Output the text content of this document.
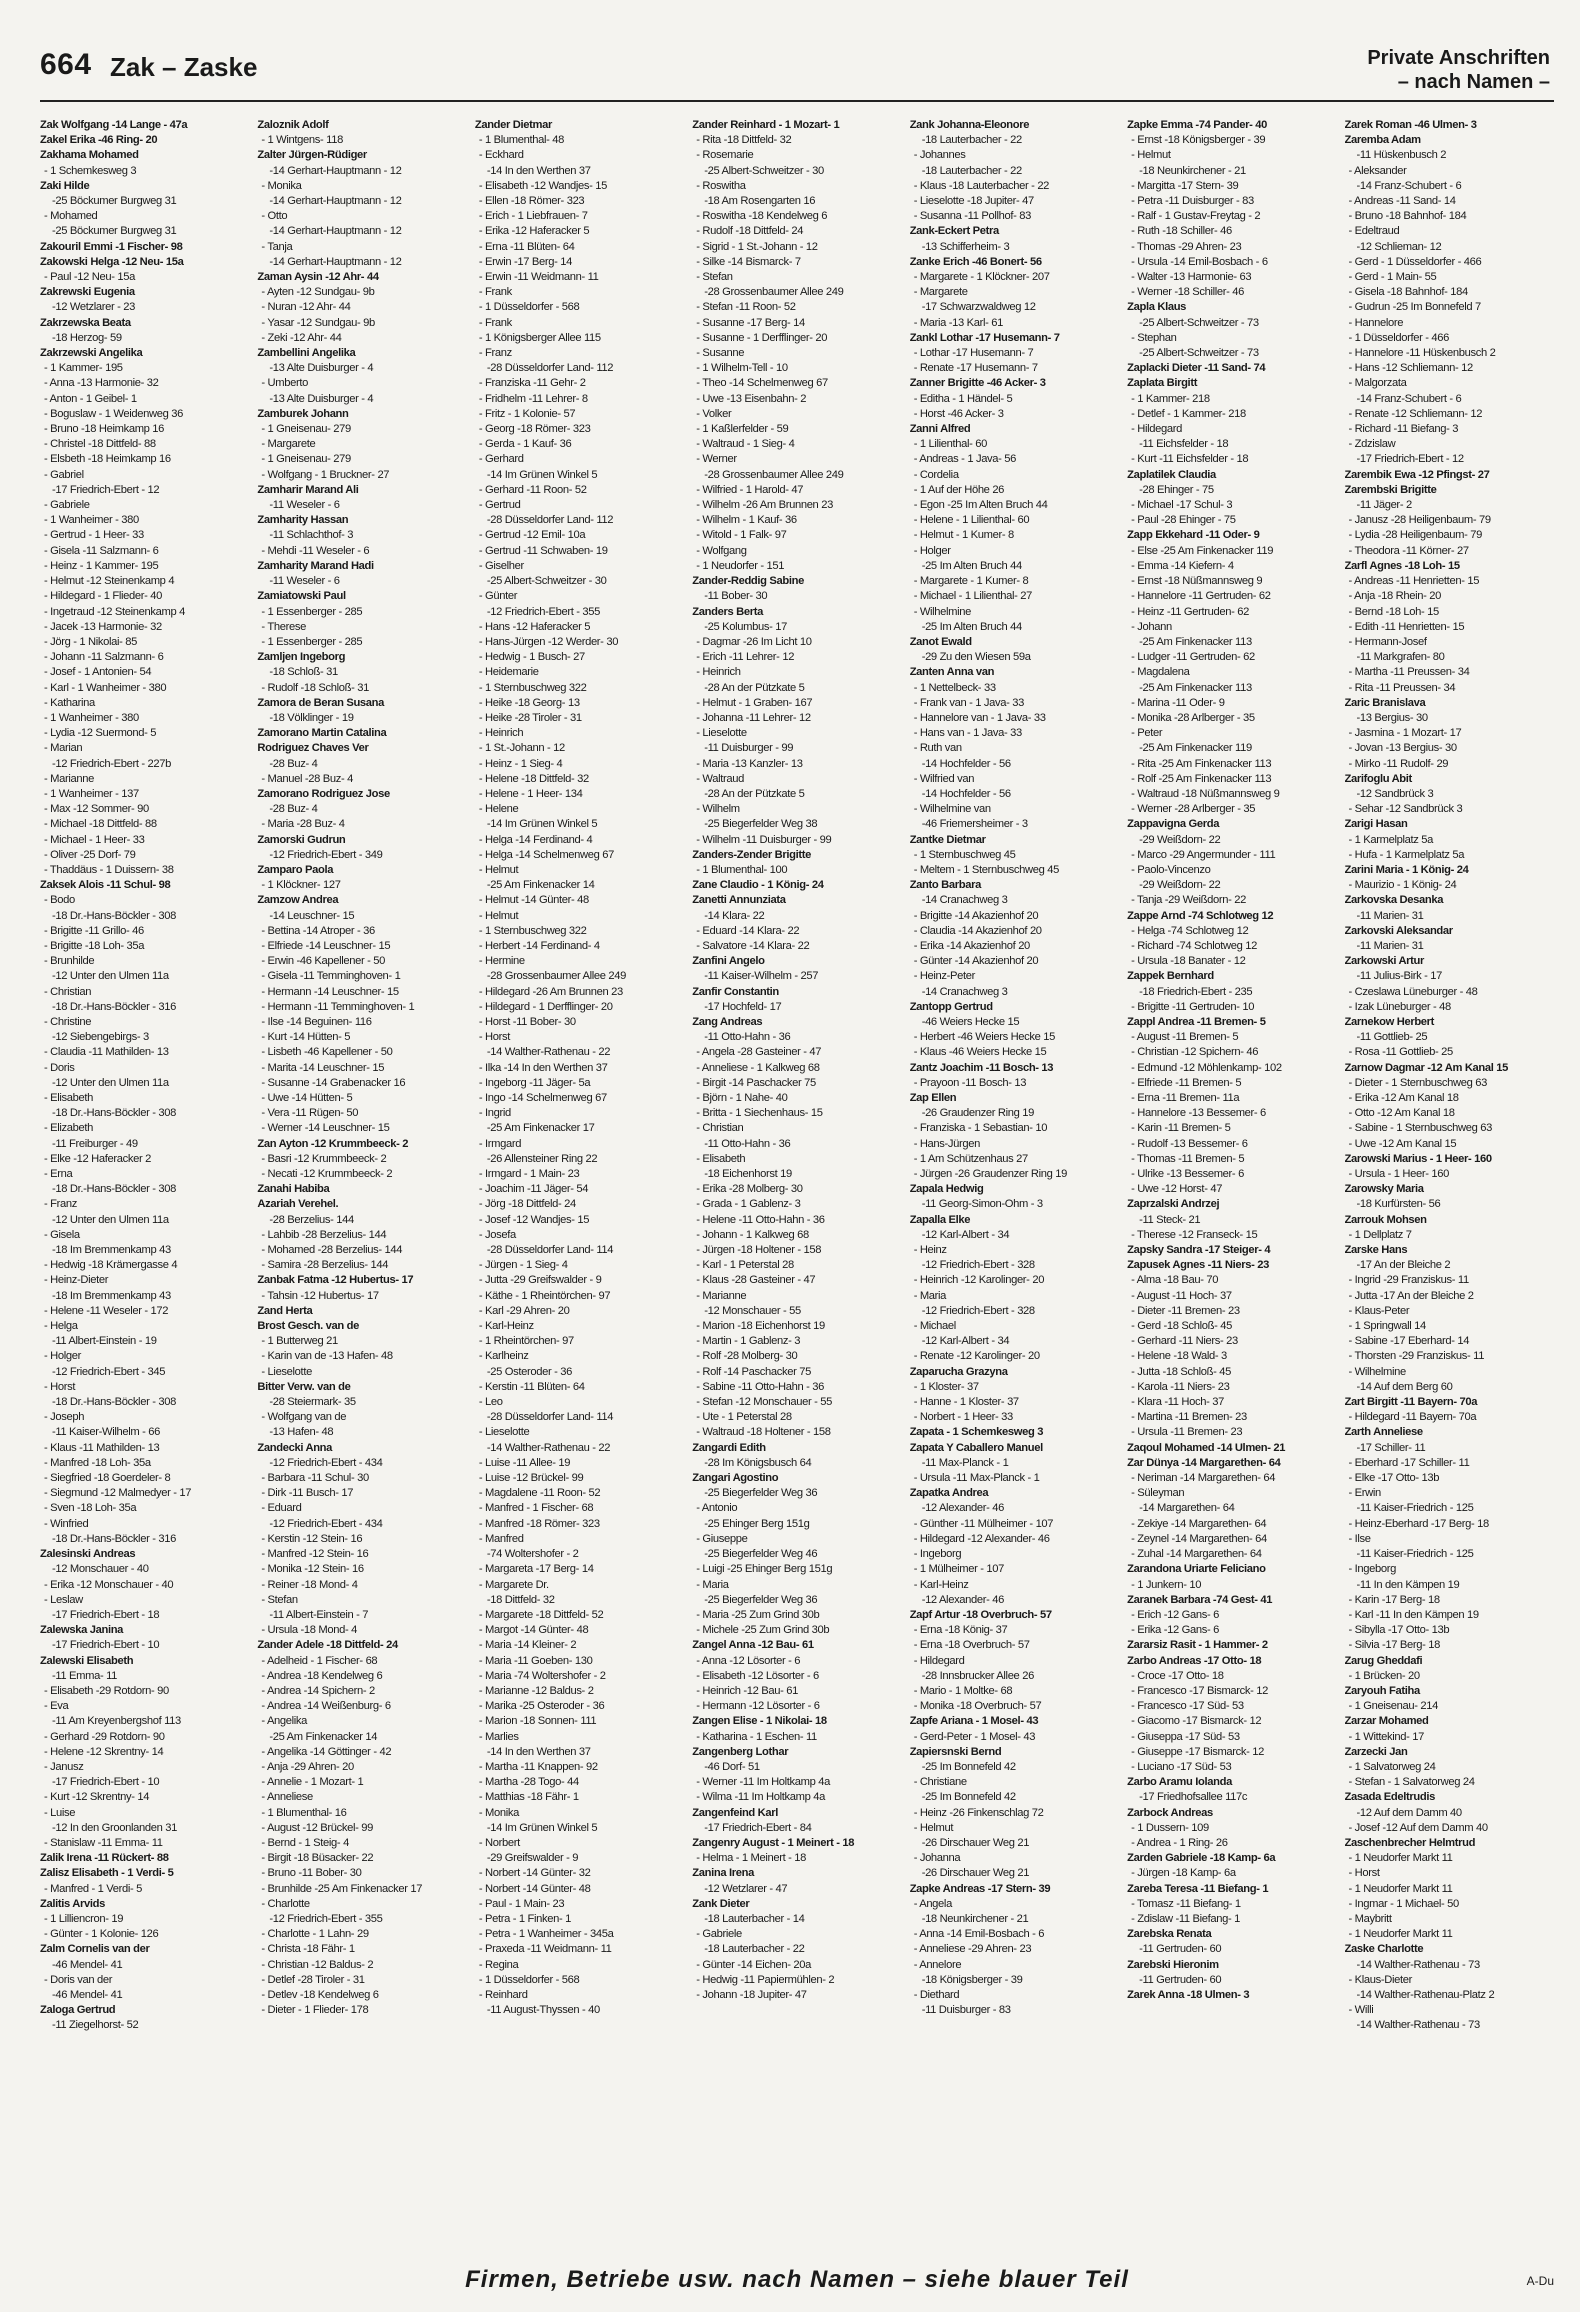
664 Zak – Zaske	Private Anschriften
– nach Namen –
Zak Wolfgang -14 Lange - 47a
Zakel Erika -46 Ring- 20
Zakhama Mohamed
- 1 Schemkesweg 3
Zaki Hilde
-25 Böckumer Burgweg 31
- Mohamed
-25 Böckumer Burgweg 31
Zakouril Emmi -1 Fischer- 98
Zakowski Helga -12 Neu- 15a
- Paul -12 Neu- 15a
Zakrewski Eugenia
-12 Wetzlarer - 23
Zakrzewska Beata
-18 Herzog- 59
Zakrzewski Angelika
- 1 Kammer- 195
- Anna -13 Harmonie- 32
- Anton - 1 Geibel- 1
- Boguslaw - 1 Weidenweg 36
- Bruno -18 Heimkamp 16
- Christel -18 Dittfeld- 88
- Elsbeth -18 Heimkamp 16
- Gabriel
-17 Friedrich-Ebert - 12
- Gabriele
- 1 Wanheimer - 380
- Gertrud - 1 Heer- 33
- Gisela -11 Salzmann- 6
- Heinz - 1 Kammer- 195
- Helmut -12 Steinenkamp 4
- Hildegard - 1 Flieder- 40
- Ingetraud -12 Steinenkamp 4
- Jacek -13 Harmonie- 32
- Jörg - 1 Nikolai- 85
- Johann -11 Salzmann- 6
- Josef - 1 Antonien- 54
- Karl - 1 Wanheimer - 380
- Katharina
- 1 Wanheimer - 380
- Lydia -12 Suermond- 5
- Marian
-12 Friedrich-Ebert - 227b
- Marianne
- 1 Wanheimer - 137
- Max -12 Sommer- 90
- Michael -18 Dittfeld- 88
- Michael - 1 Heer- 33
- Oliver -25 Dorf- 79
- Thaddäus - 1 Duissern- 38
Zaksek Alois -11 Schul- 98
- Bodo
-18 Dr.-Hans-Böckler - 308
- Brigitte -11 Grillo- 46
- Brigitte -18 Loh- 35a
- Brunhilde
-12 Unter den Ulmen 11a
- Christian
-18 Dr.-Hans-Böckler - 316
- Christine
-12 Siebengebirgs- 3
- Claudia -11 Mathilden- 13
- Doris
-12 Unter den Ulmen 11a
- Elisabeth
-18 Dr.-Hans-Böckler - 308
- Elizabeth
-11 Freiburger - 49
- Elke -12 Haferacker 2
- Erna
-18 Dr.-Hans-Böckler - 308
- Franz
-12 Unter den Ulmen 11a
- Gisela
-18 Im Bremmenkamp 43
- Hedwig -18 Krämergasse 4
- Heinz-Dieter
-18 Im Bremmenkamp 43
- Helene -11 Weseler - 172
- Helga
-11 Albert-Einstein - 19
- Holger
-12 Friedrich-Ebert - 345
- Horst
-18 Dr.-Hans-Böckler - 308
- Joseph
-11 Kaiser-Wilhelm - 66
- Klaus -11 Mathilden- 13
- Manfred -18 Loh- 35a
- Siegfried -18 Goerdeler- 8
- Siegmund -12 Malmedyer - 17
- Sven -18 Loh- 35a
- Winfried
-18 Dr.-Hans-Böckler - 316
Zalesinski Andreas
-12 Monschauer - 40
- Erika -12 Monschauer - 40
- Leslaw
-17 Friedrich-Ebert - 18
Zalewska Janina
-17 Friedrich-Ebert - 10
Zalewski Elisabeth
-11 Emma- 11
- Elisabeth -29 Rotdorn- 90
- Eva
-11 Am Kreyenbergshof 113
- Gerhard -29 Rotdorn- 90
- Helene -12 Skrentny- 14
- Janusz
-17 Friedrich-Ebert - 10
- Kurt -12 Skrentny- 14
- Luise
-12 In den Groonlanden 31
- Stanislaw -11 Emma- 11
Zalik Irena -11 Rückert- 88
Zalisz Elisabeth - 1 Verdi- 5
- Manfred - 1 Verdi- 5
Zalitis Arvids
- 1 Lilliencron- 19
- Günter - 1 Kolonie- 126
Zalm Cornelis van der
-46 Mendel- 41
- Doris van der
-46 Mendel- 41
Zaloga Gertrud
-11 Ziegelhorst- 52
Zaloznik Adolf
- 1 Wintgens- 118
Zalter Jürgen-Rüdiger
-14 Gerhart-Hauptmann - 12
- Monika
-14 Gerhart-Hauptmann - 12
- Otto
-14 Gerhart-Hauptmann - 12
- Tanja
-14 Gerhart-Hauptmann - 12
Zaman Aysin -12 Ahr- 44
- Ayten -12 Sundgau- 9b
- Nuran -12 Ahr- 44
- Yasar -12 Sundgau- 9b
- Zeki -12 Ahr- 44
Zambellini Angelika
-13 Alte Duisburger - 4
- Umberto
-13 Alte Duisburger - 4
Zamburek Johann
- 1 Gneisenau- 279
- Margarete
- 1 Gneisenau- 279
- Wolfgang - 1 Bruckner- 27
Zamharir Marand Ali
-11 Weseler - 6
Zamharity Hassan
-11 Schlachthof- 3
- Mehdi -11 Weseler - 6
Zamharity Marand Hadi
-11 Weseler - 6
Zamiatowski Paul
- 1 Essenberger - 285
- Therese
- 1 Essenberger - 285
Zamljen Ingeborg
-18 Schloß- 31
- Rudolf -18 Schloß- 31
Zamora de Beran Susana
-18 Völklinger - 19
Zamorano Martin Catalina
Rodriguez Chaves Ver
-28 Buz- 4
- Manuel -28 Buz- 4
Zamorano Rodriguez Jose
-28 Buz- 4
- Maria -28 Buz- 4
Zamorski Gudrun
-12 Friedrich-Ebert - 349
Zamparo Paola
- 1 Klöckner- 127
Zamzow Andrea
-14 Leuschner- 15
- Bettina -14 Atroper - 36
- Elfriede -14 Leuschner- 15
- Erwin -46 Kapellener - 50
- Gisela -11 Temminghoven- 1
- Hermann -14 Leuschner- 15
- Hermann -11 Temminghoven- 1
- Ilse -14 Beguinen- 116
- Kurt -14 Hütten- 5
- Lisbeth -46 Kapellener - 50
- Marita -14 Leuschner- 15
- Susanne -14 Grabenacker 16
- Uwe -14 Hütten- 5
- Vera -11 Rügen- 50
- Werner -14 Leuschner- 15
Zan Ayton -12 Krummbeeck- 2
- Basri -12 Krummbeeck- 2
- Necati -12 Krummbeeck- 2
Zanahi Habiba
Azariah Verehel.
-28 Berzelius- 144
- Lahbib -28 Berzelius- 144
- Mohamed -28 Berzelius- 144
- Samira -28 Berzelius- 144
Zanbak Fatma -12 Hubertus- 17
- Tahsin -12 Hubertus- 17
Zand Herta
Brost Gesch. van de
- 1 Butterweg 21
- Karin van de -13 Hafen- 48
- Lieselotte
Bitter Verw. van de
-28 Steiermark- 35
- Wolfgang van de
-13 Hafen- 48
Zandecki Anna
-12 Friedrich-Ebert - 434
- Barbara -11 Schul- 30
- Dirk -11 Busch- 17
- Eduard
-12 Friedrich-Ebert - 434
- Kerstin -12 Stein- 16
- Manfred -12 Stein- 16
- Monika -12 Stein- 16
- Reiner -18 Mond- 4
- Stefan
-11 Albert-Einstein - 7
- Ursula -18 Mond- 4
Zander Adele -18 Dittfeld- 24
- Adelheid - 1 Fischer- 68
- Andrea -18 Kendelweg 6
- Andrea -14 Spichern- 2
- Andrea -14 Weißenburg- 6
- Angelika
-25 Am Finkenacker 14
- Angelika -14 Göttinger - 42
- Anja -29 Ahren- 20
- Annelie - 1 Mozart- 1
- Anneliese
- 1 Blumenthal- 16
- August -12 Brückel- 99
- Bernd - 1 Steig- 4
- Birgit -18 Büsacker- 22
- Bruno -11 Bober- 30
- Brunhilde -25 Am Finkenacker 17
- Charlotte
-12 Friedrich-Ebert - 355
- Charlotte - 1 Lahn- 29
- Christa -18 Fähr- 1
- Christian -12 Baldus- 2
- Detlef -28 Tiroler - 31
- Detlev -18 Kendelweg 6
- Dieter - 1 Flieder- 178
Zander Dietmar
- 1 Blumenthal- 48
- Eckhard
-14 In den Werthen 37
- Elisabeth -12 Wandjes- 15
- Ellen -18 Römer- 323
- Erich - 1 Liebfrauen- 7
- Erika -12 Haferacker 5
- Erna -11 Blüten- 64
- Erwin -17 Berg- 14
- Erwin -11 Weidmann- 11
- Frank
- 1 Düsseldorfer - 568
- Frank
- 1 Königsberger Allee 115
- Franz
-28 Düsseldorfer Land- 112
- Franziska -11 Gehr- 2
- Fridhelm -11 Lehrer- 8
- Fritz - 1 Kolonie- 57
- Georg -18 Römer- 323
- Gerda - 1 Kauf- 36
- Gerhard
-14 Im Grünen Winkel 5
- Gerhard -11 Roon- 52
- Gertrud
-28 Düsseldorfer Land- 112
- Gertrud -12 Emil- 10a
- Gertrud -11 Schwaben- 19
- Giselher
-25 Albert-Schweitzer - 30
- Günter
-12 Friedrich-Ebert - 355
- Hans -12 Haferacker 5
- Hans-Jürgen -12 Werder- 30
- Hedwig - 1 Busch- 27
- Heidemarie
- 1 Sternbuschweg 322
- Heike -18 Georg- 13
- Heike -28 Tiroler - 31
- Heinrich
- 1 St.-Johann - 12
- Heinz - 1 Sieg- 4
- Helene -18 Dittfeld- 32
- Helene - 1 Heer- 134
- Helene
-14 Im Grünen Winkel 5
- Helga -14 Ferdinand- 4
- Helga -14 Schelmenweg 67
- Helmut
-25 Am Finkenacker 14
- Helmut -14 Günter- 48
- Helmut
- 1 Sternbuschweg 322
- Herbert -14 Ferdinand- 4
- Hermine
-28 Grossenbaumer Allee 249
- Hildegard -26 Am Brunnen 23
- Hildegard - 1 Derfflinger- 20
- Horst -11 Bober- 30
- Horst
-14 Walther-Rathenau - 22
- Ilka -14 In den Werthen 37
- Ingeborg -11 Jäger- 5a
- Ingo -14 Schelmenweg 67
- Ingrid
-25 Am Finkenacker 17
- Irmgard
-26 Allensteiner Ring 22
- Irmgard - 1 Main- 23
- Joachim -11 Jäger- 54
- Jörg -18 Dittfeld- 24
- Josef -12 Wandjes- 15
- Josefa
-28 Düsseldorfer Land- 114
- Jürgen - 1 Sieg- 4
- Jutta -29 Greifswalder - 9
- Käthe - 1 Rheintörchen- 97
- Karl -29 Ahren- 20
- Karl-Heinz
- 1 Rheintörchen- 97
- Karlheinz
-25 Osteroder - 36
- Kerstin -11 Blüten- 64
- Leo
-28 Düsseldorfer Land- 114
- Lieselotte
-14 Walther-Rathenau - 22
- Luise -11 Allee- 19
- Luise -12 Brückel- 99
- Magdalene -11 Roon- 52
- Manfred - 1 Fischer- 68
- Manfred -18 Römer- 323
- Manfred
-74 Woltershofer - 2
- Margareta -17 Berg- 14
- Margarete Dr.
-18 Dittfeld- 32
- Margarete -18 Dittfeld- 52
- Margot -14 Günter- 48
- Maria -14 Kleiner- 2
- Maria -11 Goeben- 130
- Maria -74 Woltershofer - 2
- Marianne -12 Baldus- 2
- Marika -25 Osteroder - 36
- Marion -18 Sonnen- 111
- Marlies
-14 In den Werthen 37
- Martha -11 Knappen- 92
- Martha -28 Togo- 44
- Matthias -18 Fähr- 1
- Monika
-14 Im Grünen Winkel 5
- Norbert
-29 Greifswalder - 9
- Norbert -14 Günter- 32
- Norbert -14 Günter- 48
- Paul - 1 Main- 23
- Petra - 1 Finken- 1
- Petra - 1 Wanheimer - 345a
- Praxeda -11 Weidmann- 11
- Regina
- 1 Düsseldorfer - 568
- Reinhard
-11 August-Thyssen - 40
Zander Reinhard - 1 Mozart- 1
- Rita -18 Dittfeld- 32
- Rosemarie
-25 Albert-Schweitzer - 30
- Roswitha
-18 Am Rosengarten 16
- Roswitha -18 Kendelweg 6
- Rudolf -18 Dittfeld- 24
- Sigrid - 1 St.-Johann - 12
- Silke -14 Bismarck- 7
- Stefan
-28 Grossenbaumer Allee 249
- Stefan -11 Roon- 52
- Susanne -17 Berg- 14
- Susanne - 1 Derfflinger- 20
- Susanne
- 1 Wilhelm-Tell - 10
- Theo -14 Schelmenweg 67
- Uwe -13 Eisenbahn- 2
- Volker
- 1 Kaßlerfelder - 59
- Waltraud - 1 Sieg- 4
- Werner
-28 Grossenbaumer Allee 249
- Wilfried - 1 Harold- 47
- Wilhelm -26 Am Brunnen 23
- Wilhelm - 1 Kauf- 36
- Witold - 1 Falk- 97
- Wolfgang
- 1 Neudorfer - 151
Zander-Reddig Sabine
-11 Bober- 30
Zanders Berta
-25 Kolumbus- 17
- Dagmar -26 Im Licht 10
- Erich -11 Lehrer- 12
- Heinrich
-28 An der Pützkate 5
- Helmut - 1 Graben- 167
- Johanna -11 Lehrer- 12
- Lieselotte
-11 Duisburger - 99
- Maria -13 Kanzler- 13
- Waltraud
-28 An der Pützkate 5
- Wilhelm
-25 Biegerfelder Weg 38
- Wilhelm -11 Duisburger - 99
Zanders-Zender Brigitte
- 1 Blumenthal- 100
Zane Claudio - 1 König- 24
Zanetti Annunziata
-14 Klara- 22
- Eduard -14 Klara- 22
- Salvatore -14 Klara- 22
Zanfini Angelo
-11 Kaiser-Wilhelm - 257
Zanfir Constantin
-17 Hochfeld- 17
Zang Andreas
-11 Otto-Hahn - 36
- Angela -28 Gasteiner - 47
- Anneliese - 1 Kalkweg 68
- Birgit -14 Paschacker 75
- Björn - 1 Nahe- 40
- Britta - 1 Siechenhaus- 15
- Christian
-11 Otto-Hahn - 36
- Elisabeth
-18 Eichenhorst 19
- Erika -28 Molberg- 30
- Grada - 1 Gablenz- 3
- Helene -11 Otto-Hahn - 36
- Johann - 1 Kalkweg 68
- Jürgen -18 Holtener - 158
- Karl - 1 Peterstal 28
- Klaus -28 Gasteiner - 47
- Marianne
-12 Monschauer - 55
- Marion -18 Eichenhorst 19
- Martin - 1 Gablenz- 3
- Rolf -28 Molberg- 30
- Rolf -14 Paschacker 75
- Sabine -11 Otto-Hahn - 36
- Stefan -12 Monschauer - 55
- Ute - 1 Peterstal 28
- Waltraud -18 Holtener - 158
Zangardi Edith
-28 Im Königsbusch 64
Zangari Agostino
-25 Biegerfelder Weg 36
- Antonio
-25 Ehinger Berg 151g
- Giuseppe
-25 Biegerfelder Weg 46
- Luigi -25 Ehinger Berg 151g
- Maria
-25 Biegerfelder Weg 36
- Maria -25 Zum Grind 30b
- Michele -25 Zum Grind 30b
Zangel Anna -12 Bau- 61
- Anna -12 Lösorter - 6
- Elisabeth -12 Lösorter - 6
- Heinrich -12 Bau- 61
- Hermann -12 Lösorter - 6
Zangen Elise - 1 Nikolai- 18
- Katharina - 1 Eschen- 11
Zangenberg Lothar
-46 Dorf- 51
- Werner -11 Im Holtkamp 4a
- Wilma -11 Im Holtkamp 4a
Zangenfeind Karl
-17 Friedrich-Ebert - 84
Zangenry August - 1 Meinert - 18
- Helma - 1 Meinert - 18
Zanina Irena
-12 Wetzlarer - 47
Zank Dieter
-18 Lauterbacher - 14
- Gabriele
-18 Lauterbacher - 22
- Günter -14 Eichen- 20a
- Hedwig -11 Papiermühlen- 2
- Johann -18 Jupiter- 47
Zank Johanna-Eleonore
-18 Lauterbacher - 22
- Johannes
-18 Lauterbacher - 22
- Klaus -18 Lauterbacher - 22
- Lieselotte -18 Jupiter- 47
- Susanna -11 Pollhof- 83
Zank-Eckert Petra
-13 Schifferheim- 3
Zanke Erich -46 Bonert- 56
- Margarete - 1 Klöckner- 207
- Margarete
-17 Schwarzwaldweg 12
- Maria -13 Karl- 61
Zankl Lothar -17 Husemann- 7
- Lothar -17 Husemann- 7
- Renate -17 Husemann- 7
Zanner Brigitte -46 Acker- 3
- Editha - 1 Händel- 5
- Horst -46 Acker- 3
Zanni Alfred
- 1 Lilienthal- 60
- Andreas - 1 Java- 56
- Cordelia
- 1 Auf der Höhe 26
- Egon -25 Im Alten Bruch 44
- Helene - 1 Lilienthal- 60
- Helmut - 1 Kumer- 8
- Holger
-25 Im Alten Bruch 44
- Margarete - 1 Kumer- 8
- Michael - 1 Lilienthal- 27
- Wilhelmine
-25 Im Alten Bruch 44
Zanot Ewald
-29 Zu den Wiesen 59a
Zanten Anna van
- 1 Nettelbeck- 33
- Frank van - 1 Java- 33
- Hannelore van - 1 Java- 33
- Hans van - 1 Java- 33
- Ruth van
-14 Hochfelder - 56
- Wilfried van
-14 Hochfelder - 56
- Wilhelmine van
-46 Friemersheimer - 3
Zantke Dietmar
- 1 Sternbuschweg 45
- Meltem - 1 Sternbuschweg 45
Zanto Barbara
-14 Cranachweg 3
- Brigitte -14 Akazienhof 20
- Claudia -14 Akazienhof 20
- Erika -14 Akazienhof 20
- Günter -14 Akazienhof 20
- Heinz-Peter
-14 Cranachweg 3
Zantopp Gertrud
-46 Weiers Hecke 15
- Herbert -46 Weiers Hecke 15
- Klaus -46 Weiers Hecke 15
Zantz Joachim -11 Bosch- 13
- Prayoon -11 Bosch- 13
Zap Ellen
-26 Graudenzer Ring 19
- Franziska - 1 Sebastian- 10
- Hans-Jürgen
- 1 Am Schützenhaus 27
- Jürgen -26 Graudenzer Ring 19
Zapala Hedwig
-11 Georg-Simon-Ohm - 3
Zapalla Elke
-12 Karl-Albert - 34
- Heinz
-12 Friedrich-Ebert - 328
- Heinrich -12 Karolinger- 20
- Maria
-12 Friedrich-Ebert - 328
- Michael
-12 Karl-Albert - 34
- Renate -12 Karolinger- 20
Zaparucha Grazyna
- 1 Kloster- 37
- Hanne - 1 Kloster- 37
- Norbert - 1 Heer- 33
Zapata - 1 Schemkesweg 3
Zapata Y Caballero Manuel
-11 Max-Planck - 1
- Ursula -11 Max-Planck - 1
Zapatka Andrea
-12 Alexander- 46
- Günther -11 Mülheimer - 107
- Hildegard -12 Alexander- 46
- Ingeborg
- 1 Mülheimer - 107
- Karl-Heinz
-12 Alexander- 46
Zapf Artur -18 Overbruch- 57
- Erna -18 König- 37
- Erna -18 Overbruch- 57
- Hildegard
-28 Innsbrucker Allee 26
- Mario - 1 Moltke- 68
- Monika -18 Overbruch- 57
Zapfe Ariana - 1 Mosel- 43
- Gerd-Peter - 1 Mosel- 43
Zapiersnski Bernd
-25 Im Bonnefeld 42
- Christiane
-25 Im Bonnefeld 42
- Heinz -26 Finkenschlag 72
- Helmut
-26 Dirschauer Weg 21
- Johanna
-26 Dirschauer Weg 21
Zapke Andreas -17 Stern- 39
- Angela
-18 Neunkirchener - 21
- Anna -14 Emil-Bosbach - 6
- Anneliese -29 Ahren- 23
- Annelore
-18 Königsberger - 39
- Diethard
-11 Duisburger - 83
Zapke Emma -74 Pander- 40
- Ernst -18 Königsberger - 39
- Helmut
-18 Neunkirchener - 21
- Margitta -17 Stern- 39
- Petra -11 Duisburger - 83
- Ralf - 1 Gustav-Freytag - 2
- Ruth -18 Schiller- 46
- Thomas -29 Ahren- 23
- Ursula -14 Emil-Bosbach - 6
- Walter -13 Harmonie- 63
- Werner -18 Schiller- 46
Zapla Klaus
-25 Albert-Schweitzer - 73
- Stephan
-25 Albert-Schweitzer - 73
Zaplacki Dieter -11 Sand- 74
Zaplata Birgitt
- 1 Kammer- 218
- Detlef - 1 Kammer- 218
- Hildegard
-11 Eichsfelder - 18
- Kurt -11 Eichsfelder - 18
Zaplatilek Claudia
-28 Ehinger - 75
- Michael -17 Schul- 3
- Paul -28 Ehinger - 75
Zapp Ekkehard -11 Oder- 9
- Else -25 Am Finkenacker 119
- Emma -14 Kiefern- 4
- Ernst -18 Nüßmannsweg 9
- Hannelore -11 Gertruden- 62
- Heinz -11 Gertruden- 62
- Johann
-25 Am Finkenacker 113
- Ludger -11 Gertruden- 62
- Magdalena
-25 Am Finkenacker 113
- Marina -11 Oder- 9
- Monika -28 Arlberger - 35
- Peter
-25 Am Finkenacker 119
- Rita -25 Am Finkenacker 113
- Rolf -25 Am Finkenacker 113
- Waltraud -18 Nüßmannsweg 9
- Werner -28 Arlberger - 35
Zappavigna Gerda
-29 Weißdorn- 22
- Marco -29 Angermunder - 111
- Paolo-Vincenzo
-29 Weißdorn- 22
- Tanja -29 Weißdorn- 22
Zappe Arnd -74 Schlotweg 12
- Helga -74 Schlotweg 12
- Richard -74 Schlotweg 12
- Ursula -18 Banater - 12
Zappek Bernhard
-18 Friedrich-Ebert - 235
- Brigitte -11 Gertruden- 10
Zappl Andrea -11 Bremen- 5
- August -11 Bremen- 5
- Christian -12 Spichern- 46
- Edmund -12 Möhlenkamp- 102
- Elfriede -11 Bremen- 5
- Erna -11 Bremen- 11a
- Hannelore -13 Bessemer- 6
- Karin -11 Bremen- 5
- Rudolf -13 Bessemer- 6
- Thomas -11 Bremen- 5
- Ulrike -13 Bessemer- 6
- Uwe -12 Horst- 47
Zaprzalski Andrzej
-11 Steck- 21
- Therese -12 Franseck- 15
Zapsky Sandra -17 Steiger- 4
Zapusek Agnes -11 Niers- 23
- Alma -18 Bau- 70
- August -11 Hoch- 37
- Dieter -11 Bremen- 23
- Gerd -18 Schloß- 45
- Gerhard -11 Niers- 23
- Helene -18 Wald- 3
- Jutta -18 Schloß- 45
- Karola -11 Niers- 23
- Klara -11 Hoch- 37
- Martina -11 Bremen- 23
- Ursula -11 Bremen- 23
Zaqoul Mohamed -14 Ulmen- 21
Zar Dünya -14 Margarethen- 64
- Neriman -14 Margarethen- 64
- Süleyman
-14 Margarethen- 64
- Zekiye -14 Margarethen- 64
- Zeynel -14 Margarethen- 64
- Zuhal -14 Margarethen- 64
Zarandona Uriarte Feliciano
- 1 Junkern- 10
Zaranek Barbara -74 Gest- 41
- Erich -12 Gans- 6
- Erika -12 Gans- 6
Zararsiz Rasit - 1 Hammer- 2
Zarbo Andreas -17 Otto- 18
- Croce -17 Otto- 18
- Francesco -17 Bismarck- 12
- Francesco -17 Süd- 53
- Giacomo -17 Bismarck- 12
- Giuseppa -17 Süd- 53
- Giuseppe -17 Bismarck- 12
- Luciano -17 Süd- 53
Zarbo Aramu Iolanda
-17 Friedhofsallee 117c
Zarbock Andreas
- 1 Dussern- 109
- Andrea - 1 Ring- 26
Zarden Gabriele -18 Kamp- 6a
- Jürgen -18 Kamp- 6a
Zareba Teresa -11 Biefang- 1
- Tomasz -11 Biefang- 1
- Zdislaw -11 Biefang- 1
Zarebska Renata
-11 Gertruden- 60
Zarebski Hieronim
-11 Gertruden- 60
Zarek Anna -18 Ulmen- 3
Zarek Roman -46 Ulmen- 3
Zaremba Adam
-11 Hüskenbusch 2
- Aleksander
-14 Franz-Schubert - 6
- Andreas -11 Sand- 14
- Bruno -18 Bahnhof- 184
- Edeltraud
-12 Schlieman- 12
- Gerd - 1 Düsseldorfer - 466
- Gerd - 1 Main- 55
- Gisela -18 Bahnhof- 184
- Gudrun -25 Im Bonnefeld 7
- Hannelore
- 1 Düsseldorfer - 466
- Hannelore -11 Hüskenbusch 2
- Hans -12 Schliemann- 12
- Malgorzata
-14 Franz-Schubert - 6
- Renate -12 Schliemann- 12
- Richard -11 Biefang- 3
- Zdzislaw
-17 Friedrich-Ebert - 12
Zarembik Ewa -12 Pfingst- 27
Zarembski Brigitte
-11 Jäger- 2
- Janusz -28 Heiligenbaum- 79
- Lydia -28 Heiligenbaum- 79
- Theodora -11 Körner- 27
Zarfl Agnes -18 Loh- 15
- Andreas -11 Henrietten- 15
- Anja -18 Rhein- 20
- Bernd -18 Loh- 15
- Edith -11 Henrietten- 15
- Hermann-Josef
-11 Markgrafen- 80
- Martha -11 Preussen- 34
- Rita -11 Preussen- 34
Zaric Branislava
-13 Bergius- 30
- Jasmina - 1 Mozart- 17
- Jovan -13 Bergius- 30
- Mirko -11 Rudolf- 29
Zarifoglu Abit
-12 Sandbrück 3
- Sehar -12 Sandbrück 3
Zarigi Hasan
- 1 Karmelplatz 5a
- Hufa - 1 Karmelplatz 5a
Zarini Maria - 1 König- 24
- Maurizio - 1 König- 24
Zarkovska Desanka
-11 Marien- 31
Zarkovski Aleksandar
-11 Marien- 31
Zarkowski Artur
-11 Julius-Birk - 17
- Czeslawa Lüneburger - 48
- Izak Lüneburger - 48
Zarnekow Herbert
-11 Gottlieb- 25
- Rosa -11 Gottlieb- 25
Zarnow Dagmar -12 Am Kanal 15
- Dieter - 1 Sternbuschweg 63
- Erika -12 Am Kanal 18
- Otto -12 Am Kanal 18
- Sabine - 1 Sternbuschweg 63
- Uwe -12 Am Kanal 15
Zarowski Marius - 1 Heer- 160
- Ursula - 1 Heer- 160
Zarowsky Maria
-18 Kurfürsten- 56
Zarrouk Mohsen
- 1 Dellplatz 7
Zarske Hans
-17 An der Bleiche 2
- Ingrid -29 Franziskus- 11
- Jutta -17 An der Bleiche 2
- Klaus-Peter
- 1 Springwall 14
- Sabine -17 Eberhard- 14
- Thorsten -29 Franziskus- 11
- Wilhelmine
-14 Auf dem Berg 60
Zart Birgitt -11 Bayern- 70a
- Hildegard -11 Bayern- 70a
Zarth Anneliese
-17 Schiller- 11
- Eberhard -17 Schiller- 11
- Elke -17 Otto- 13b
- Erwin
-11 Kaiser-Friedrich - 125
- Heinz-Eberhard -17 Berg- 18
- Ilse
-11 Kaiser-Friedrich - 125
- Ingeborg
-11 In den Kämpen 19
- Karin -17 Berg- 18
- Karl -11 In den Kämpen 19
- Sibylla -17 Otto- 13b
- Silvia -17 Berg- 18
Zarug Gheddafi
- 1 Brücken- 20
Zaryouh Fatiha
- 1 Gneisenau- 214
Zarzar Mohamed
- 1 Wittekind- 17
Zarzecki Jan
- 1 Salvatorweg 24
- Stefan - 1 Salvatorweg 24
Zasada Edeltrudis
-12 Auf dem Damm 40
- Josef -12 Auf dem Damm 40
Zaschenbrecher Helmtrud
- 1 Neudorfer Markt 11
- Horst
- 1 Neudorfer Markt 11
- Ingmar - 1 Michael- 50
- Maybritt
- 1 Neudorfer Markt 11
Zaske Charlotte
-14 Walther-Rathenau - 73
- Klaus-Dieter
-14 Walther-Rathenau-Platz 2
- Willi
-14 Walther-Rathenau - 73
Firmen, Betriebe usw. nach Namen – siehe blauer Teil	A-Du
